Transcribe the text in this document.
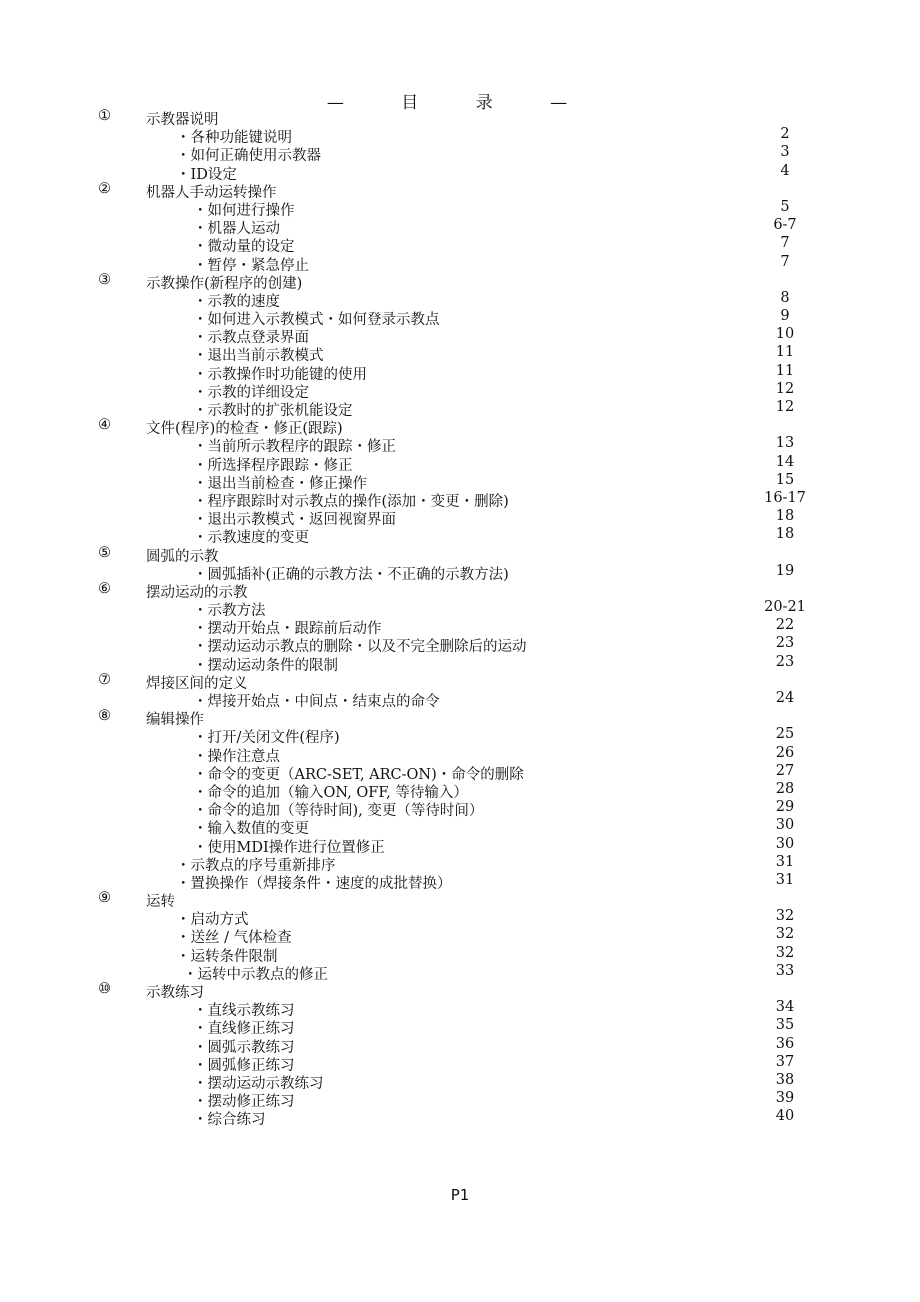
— 目 录 —
① 示教器说明
・各种功能键说明	2
・如何正确使用示教器	3
・ID设定	4
② 机器人手动运转操作
・如何进行操作	5
・机器人运动	6-7
・微动量的设定	7
・暂停・紧急停止	7
③ 示教操作(新程序的创建)
・示教的速度	8
・如何进入示教模式・如何登录示教点	9
・示教点登录界面	10
・退出当前示教模式	11
・示教操作时功能键的使用	11
・示教的详细设定	12
・示教时的扩张机能设定	12
④ 文件(程序)的检查・修正(跟踪)
・当前所示教程序的跟踪・修正	13
・所选择程序跟踪・修正	14
・退出当前检查・修正操作	15
・程序跟踪时对示教点的操作(添加・变更・删除)	16-17
・退出示教模式・返回视窗界面	18
・示教速度的变更	18
⑤ 圆弧的示教
・圆弧插补(正确的示教方法・不正确的示教方法)	19
⑥ 摆动运动的示教
・示教方法	20-21
・摆动开始点・跟踪前后动作	22
・摆动运动示教点的删除・以及不完全删除后的运动	23
・摆动运动条件的限制	23
⑦ 焊接区间的定义
・焊接开始点・中间点・结束点的命令	24
⑧ 编辑操作
・打开/关闭文件(程序)	25
・操作注意点	26
・命令的变更（ARC-SET, ARC-ON)・命令的删除	27
・命令的追加（输入ON, OFF, 等待输入）	28
・命令的追加（等待时间), 变更（等待时间）	29
・输入数值的变更	30
・使用MDI操作进行位置修正	30
・示教点的序号重新排序	31
・置换操作（焊接条件・速度的成批替换）	31
⑨ 运转
・启动方式	32
・送丝 / 气体检查	32
・运转条件限制	32
・运转中示教点的修正	33
⑩ 示教练习
・直线示教练习	34
・直线修正练习	35
・圆弧示教练习	36
・圆弧修正练习	37
・摆动运动示教练习	38
・摆动修正练习	39
・综合练习	40
P1
